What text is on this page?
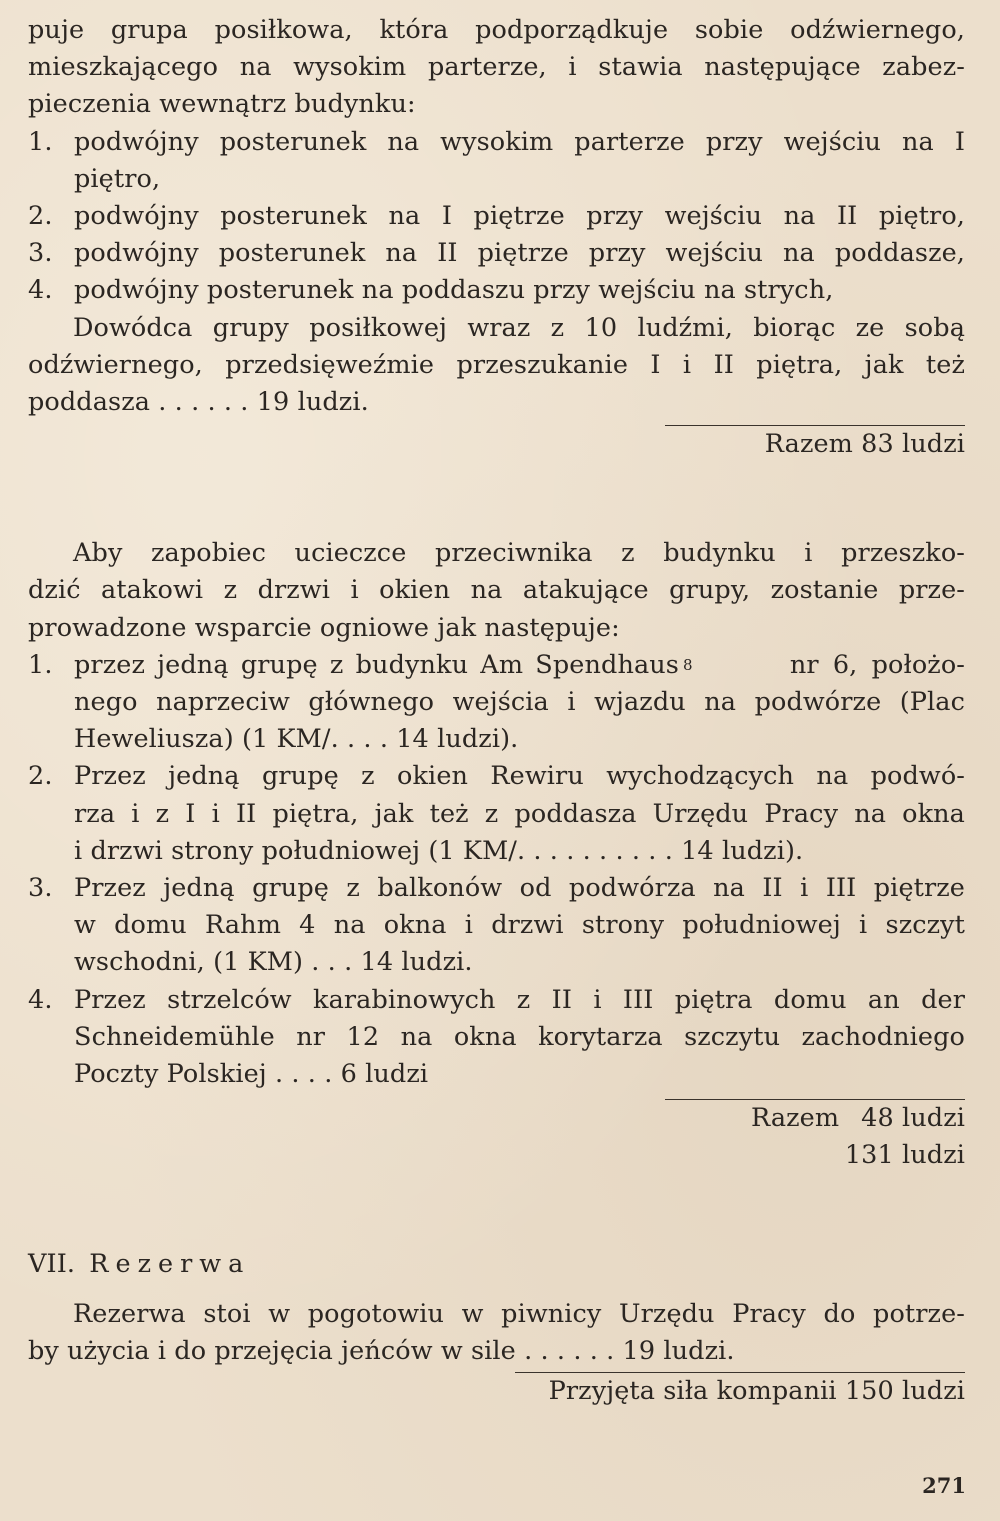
puje grupa posiłkowa, która podporządkuje sobie odźwiernego,
mieszkającego na wysokim parterze, i stawia następujące zabez-
pieczenia wewnątrz budynku:
1. podwójny posterunek na wysokim parterze przy wejściu na I
piętro,
2. podwójny posterunek na I piętrze przy wejściu na II piętro,
3. podwójny posterunek na II piętrze przy wejściu na poddasze,
4. podwójny posterunek na poddaszu przy wejściu na strych,
Dowódca grupy posiłkowej wraz z 10 ludźmi, biorąc ze sobą
odźwiernego, przedsięweźmie przeszukanie I i II piętra, jak też
poddasza . . . . . . 19 ludzi.
Razem 83 ludzi
Aby zapobiec ucieczce przeciwnika z budynku i przeszko-
dzić atakowi z drzwi i okien na atakujące grupy, zostanie prze-
prowadzone wsparcie ogniowe jak następuje:
1. przez jedną grupę z budynku Am Spendhaus 8	nr 6, położo-
nego naprzeciw głównego wejścia i wjazdu na podwórze (Plac
Heweliusza) (1 KM/. . . . 14 ludzi).
2. Przez jedną grupę z okien Rewiru wychodzących na podwó-
rza i z I i II piętra, jak też z poddasza Urzędu Pracy na okna
i drzwi strony południowej (1 KM/. . . . . . . . . . 14 ludzi).
3. Przez jedną grupę z balkonów od podwórza na II i III piętrze
w domu Rahm 4 na okna i drzwi strony południowej i szczyt
wschodni, (1 KM) . . . 14 ludzi.
4. Przez strzelców karabinowych z II i III piętra domu an der
Schneidemühle nr 12 na okna korytarza szczytu zachodniego
Poczty Polskiej . . . . 6 ludzi
Razem 48 ludzi
131 ludzi
VII. Rezerwa
Rezerwa stoi w pogotowiu w piwnicy Urzędu Pracy do potrze-
by użycia i do przejęcia jeńców w sile . . . . . . 19 ludzi.
Przyjęta siła kompanii 150 ludzi
271
